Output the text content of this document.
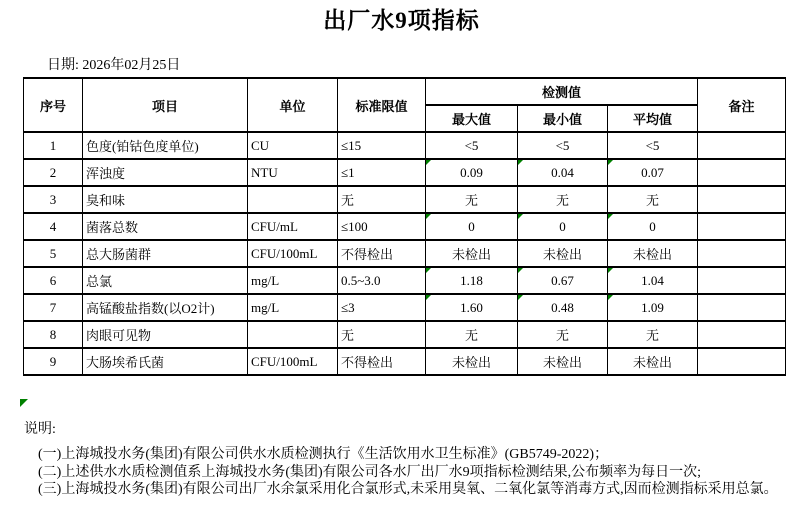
出厂水9项指标
日期: 2026年02月25日
序号	项目	单位	标准限值	检测值			备注
				最大值	最小值	平均值	
1	色度(铂钴色度单位)	CU	≤15	<5	<5	<5	
2	浑浊度	NTU	≤1	0.09	0.04	0.07

3	臭和味		无	无	无	无	
4	菌落总数	CFU/mL	≤100	0	0	0

5	总大肠菌群	CFU/100mL	不得检出	未检出	未检出	未检出	
6	总氯	mg/L	0.5~3.0	1.18	0.67	1.04

7	高锰酸盐指数(以O2计)	mg/L	≤3	1.60	0.48	1.09

8	肉眼可见物		无	无	无	无	
9	大肠埃希氏菌	CFU/100mL	不得检出	未检出	未检出	未检出	
说明:
(一)上海城投水务(集团)有限公司供水水质检测执行《生活饮用水卫生标准》(GB5749-2022)；
(二)上述供水水质检测值系上海城投水务(集团)有限公司各水厂出厂水9项指标检测结果,公布频率为每日一次;
(三)上海城投水务(集团)有限公司出厂水余氯采用化合氯形式,未采用臭氧、二氧化氯等消毒方式,因而检测指标采用总氯。
